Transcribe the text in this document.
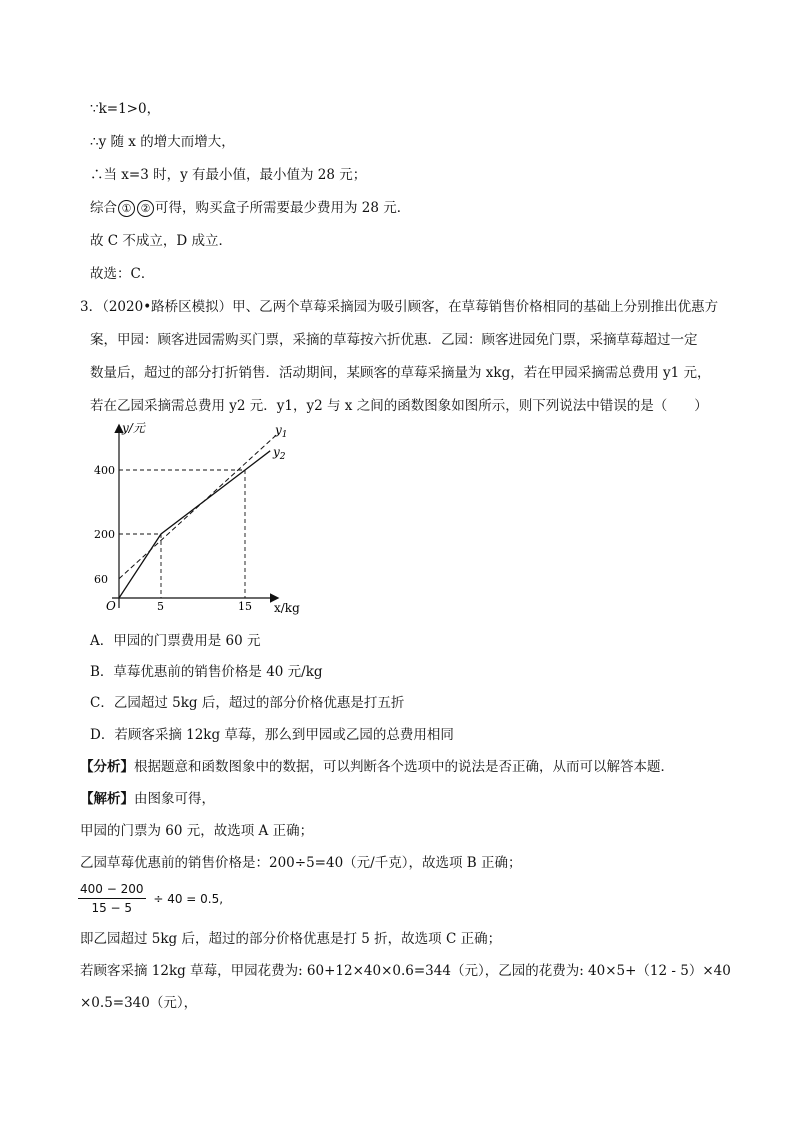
∵k=1>0，
∴y 随 x 的增大而增大，
∴当 x=3 时，y 有最小值，最小值为 28 元；
综合 ① ② 可得，购买盒子所需要最少费用为 28 元．
故 C 不成立，D 成立．
故选：C．
3．（2020•路桥区模拟）甲、乙两个草莓采摘园为吸引顾客，在草莓销售价格相同的基础上分别推出优惠方
案，甲园：顾客进园需购买门票，采摘的草莓按六折优惠．乙园：顾客进园免门票，采摘草莓超过一定
数量后，超过的部分打折销售．活动期间，某顾客的草莓采摘量为 xkg，若在甲园采摘需总费用 y1 元，
若在乙园采摘需总费用 y2 元．y1，y2 与 x 之间的函数图象如图所示，则下列说法中错误的是（　　）
y/元
x/kg
O
60
200
400
5	15
$y_1$
$y_2$
A．甲园的门票费用是 60 元
B．草莓优惠前的销售价格是 40 元/kg
C．乙园超过 5kg 后，超过的部分价格优惠是打五折
D．若顾客采摘 12kg 草莓，那么到甲园或乙园的总费用相同
【分析】根据题意和函数图象中的数据，可以判断各个选项中的说法是否正确，从而可以解答本题．
【解析】由图象可得，
甲园的门票为 60 元，故选项 A 正确；
乙园草莓优惠前的销售价格是：200÷5=40（元/千克），故选项 B 正确；
$\frac{400 - 200}{15 - 5} \div 40 = 0.5$,
即乙园超过 5kg 后，超过的部分价格优惠是打 5 折，故选项 C 正确；
若顾客采摘 12kg 草莓，甲园花费为: 60+12×40×0.6=344（元），乙园的花费为: 40×5+（12 - 5）×40
×0.5=340（元），
